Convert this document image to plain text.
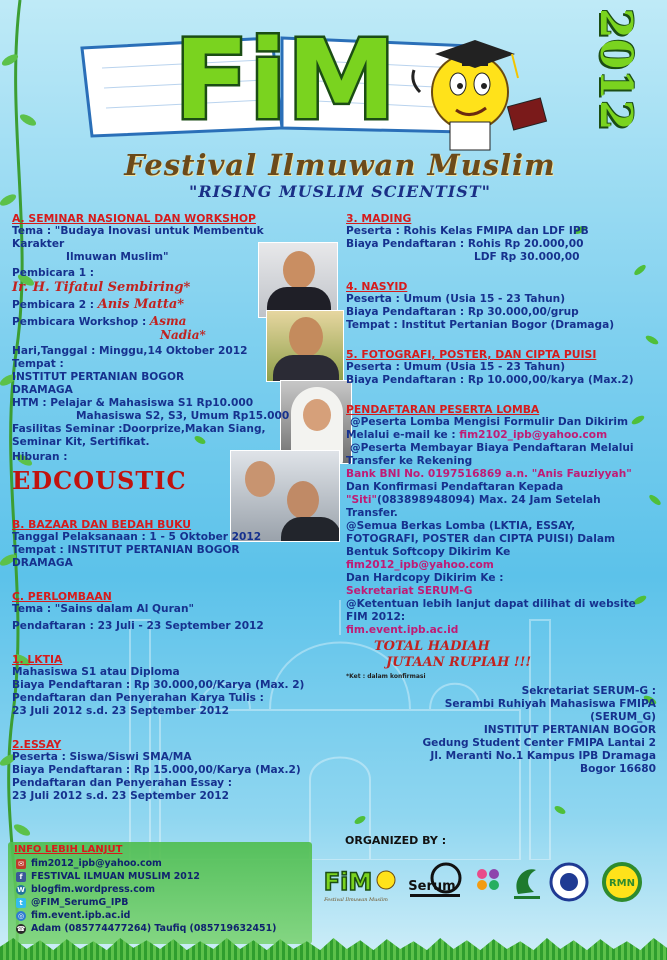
FiM	2012
Festival Ilmuwan Muslim
"RISING MUSLIM SCIENTIST"

A. SEMINAR NASIONAL DAN WORKSHOP

Tema : "Budaya Inovasi untuk Membentuk Karakter

Ilmuwan Muslim"

Pembicara 1 :

Ir. H. Tifatul Sembiring*

Pembicara 2 : Anis Matta*

Pembicara Workshop : Asma

Nadia*

Hari,Tanggal : Minggu,14 Oktober 2012

Tempat :

INSTITUT PERTANIAN BOGOR

DRAMAGA

HTM : Pelajar & Mahasiswa S1 Rp10.000

Mahasiswa S2, S3, Umum Rp15.000

Fasilitas Seminar :Doorprize,Makan Siang,

Seminar Kit, Sertifikat.

Hiburan :

EDCOUSTIC

B. BAZAAR DAN BEDAH BUKU

Tanggal Pelaksanaan : 1 - 5 Oktober 2012

Tempat : INSTITUT PERTANIAN BOGOR

DRAMAGA

C. PERLOMBAAN

Tema : "Sains dalam Al Quran"

Pendaftaran : 23 Juli - 23 September 2012

1. LKTIA

Mahasiswa S1 atau Diploma

Biaya Pendaftaran : Rp 30.000,00/Karya (Max. 2)

Pendaftaran dan Penyerahan Karya Tulis :

23 Juli 2012 s.d. 23 September 2012

2.ESSAY

Peserta : Siswa/Siswi SMA/MA

Biaya Pendaftaran : Rp 15.000,00/Karya (Max.2)

Pendaftaran dan Penyerahan Essay :

23 Juli 2012 s.d. 23 September 2012

3. MADING

Peserta : Rohis Kelas FMIPA dan LDF IPB

Biaya Pendaftaran : Rohis Rp 20.000,00

LDF Rp 30.000,00

4. NASYID

Peserta : Umum (Usia 15 - 23 Tahun)

Biaya Pendaftaran : Rp 30.000,00/grup

Tempat : Institut Pertanian Bogor (Dramaga)

5. FOTOGRAFI, POSTER, DAN CIPTA PUISI

Peserta : Umum (Usia 15 - 23 Tahun)

Biaya Pendaftaran : Rp 10.000,00/karya (Max.2)

PENDAFTARAN PESERTA LOMBA

@Peserta Lomba Mengisi Formulir Dan Dikirim

Melalui e-mail ke : fim2102_ipb@yahoo.com

@Peserta Membayar Biaya Pendaftaran Melalui

Transfer ke Rekening

Bank BNI No. 0197516869 a.n. "Anis Fauziyyah"

Dan Konfirmasi Pendaftaran Kepada

"Siti"(083898948094) Max. 24 Jam Setelah

Transfer.

@Semua Berkas Lomba (LKTIA, ESSAY,

FOTOGRAFI, POSTER dan CIPTA PUISI) Dalam

Bentuk Softcopy Dikirim Ke

fim2012_ipb@yahoo.com

Dan Hardcopy Dikirim Ke :

Sekretariat SERUM-G

@Ketentuan lebih lanjut dapat dilihat di website

FIM 2012:

fim.event.ipb.ac.id

TOTAL HADIAH

JUTAAN RUPIAH !!!

*Ket : dalam konfirmasi

Sekretariat SERUM-G :

Serambi Ruhiyah Mahasiswa FMIPA

(SERUM_G)

INSTITUT PERTANIAN BOGOR

Gedung Student Center FMIPA Lantai 2

Jl. Meranti No.1 Kampus IPB Dramaga

Bogor 16680

INFO LEBIH LANJUT
✉ fim2012_ipb@yahoo.com
f FESTIVAL ILMUAN MUSLIM 2012
W blogfim.wordpress.com
t @FIM_SerumG_IPB
◎ fim.event.ipb.ac.id
☎ Adam (085774477264) Taufiq (085719632451)
ORGANIZED BY :
FiM
Festival Ilmuwan Muslim
Serum	RMN
